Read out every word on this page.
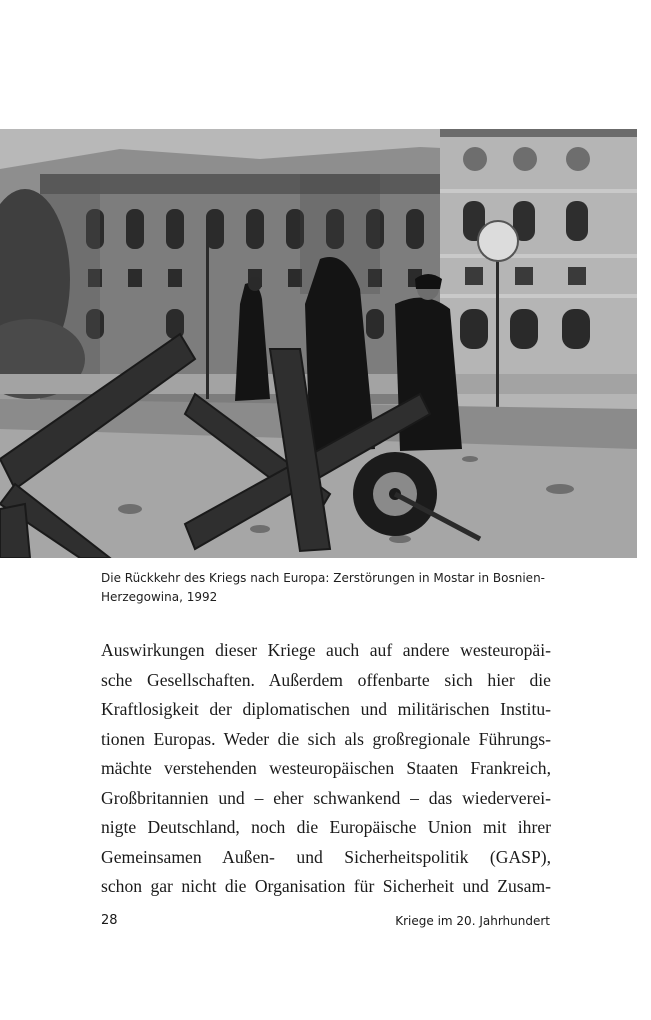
Die Rückkehr des Kriegs nach Europa: Zerstörungen in Mostar in Bosnien-Herzegowina, 1992

Auswirkungen dieser Kriege auch auf andere westeuropäi-
sche Gesellschaften. Außerdem offenbarte sich hier die
Kraftlosigkeit der diplomatischen und militärischen Institu-
tionen Europas. Weder die sich als großregionale Führungs-
mächte verstehenden westeuropäischen Staaten Frankreich,
Großbritannien und – eher schwankend – das wiederverei-
nigte Deutschland, noch die Europäische Union mit ihrer
Gemeinsamen Außen- und Sicherheitspolitik (GASP),
schon gar nicht die Organisation für Sicherheit und Zusam-
28	Kriege im 20. Jahrhundert
